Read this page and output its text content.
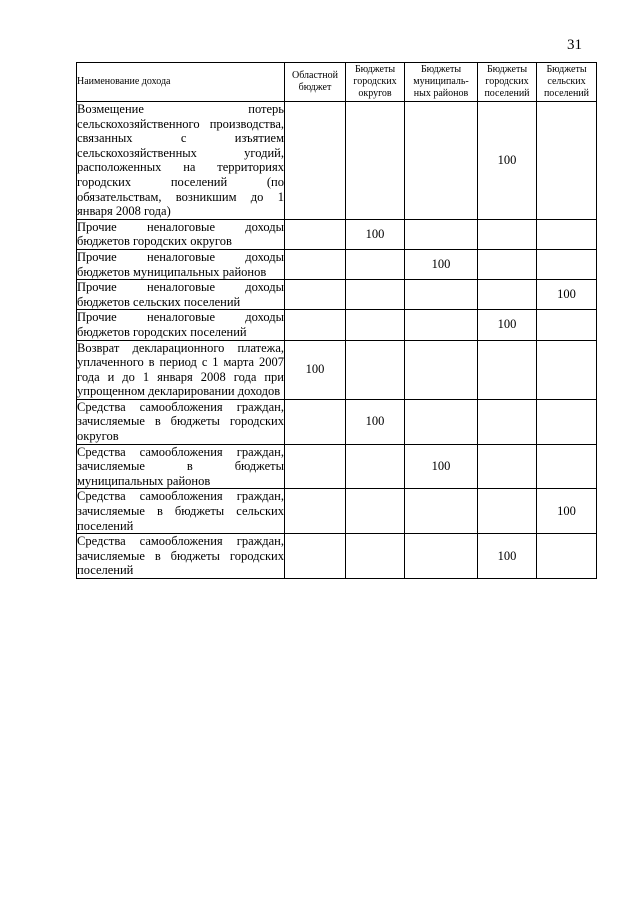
31
Наименование дохода	Областной бюджет	Бюджеты городских округов	Бюджеты муниципаль-ных районов	Бюджеты городских поселений	Бюджеты сельских поселений
Возмещение потерь сельскохозяйственного производства, связанных с изъятием сельскохозяйственных угодий, расположенных на территориях городских поселений (по обязательствам, возникшим до 1 января 2008 года)				100	
Прочие неналоговые доходы бюджетов городских округов		100			
Прочие неналоговые доходы бюджетов муниципальных районов			100		
Прочие неналоговые доходы бюджетов сельских поселений					100
Прочие неналоговые доходы бюджетов городских поселений				100	
Возврат декларационного платежа, уплаченного в период с 1 марта 2007 года и до 1 января 2008 года при упрощенном декларировании доходов	100				
Средства самообложения граждан, зачисляемые в бюджеты городских округов		100			
Средства самообложения граждан, зачисляемые в бюджеты муниципальных районов			100		
Средства самообложения граждан, зачисляемые в бюджеты сельских поселений					100
Средства самообложения граждан, зачисляемые в бюджеты городских поселений				100	
